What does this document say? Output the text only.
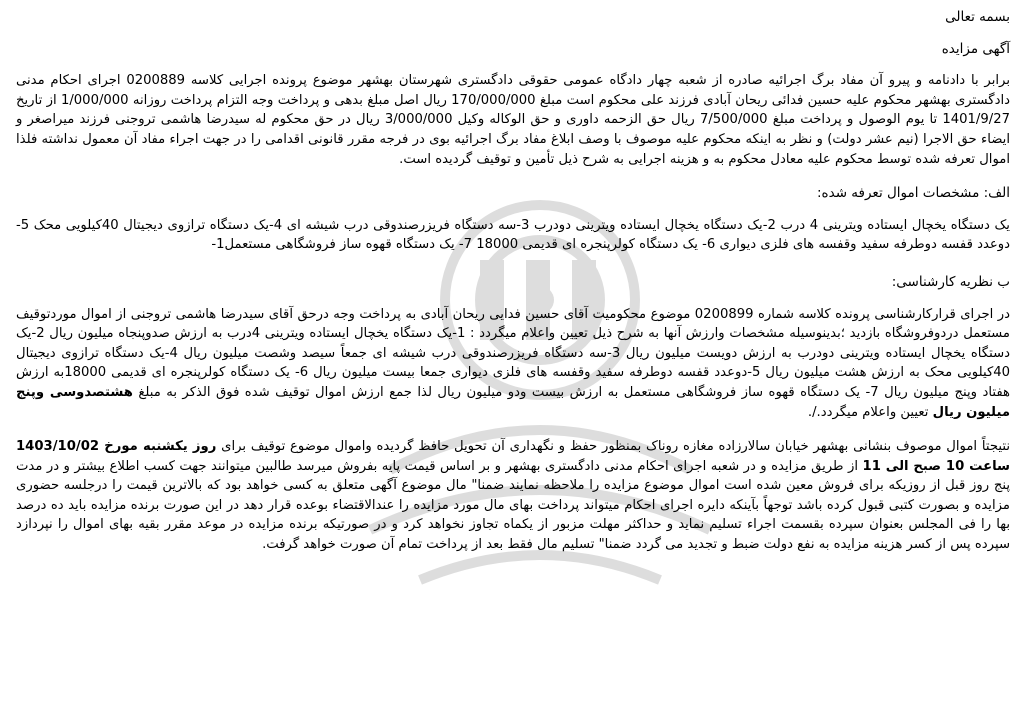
بسمه تعالی

آگهی مزایده

برابر با دادنامه و پیرو آن مفاد برگ اجرائیه صادره از شعبه چهار دادگاه عمومی حقوقی دادگستری شهرستان بهشهر موضوع پرونده اجرایی کلاسه 0200889 اجرای احکام مدنی دادگستری بهشهر محکوم علیه حسین فدائی ریحان آبادی فرزند علی محکوم است مبلغ 170/000/000 ریال اصل مبلغ بدهی و پرداخت وجه التزام پرداخت روزانه 1/000/000 از تاریخ 1401/9/27 تا یوم الوصول و پرداخت مبلغ 7/500/000 ریال حق الزحمه داوری و حق الوکاله وکیل 3/000/000 ریال در حق محکوم له سیدرضا هاشمی تروجنی فرزند میراصغر و ایضاء حق الاجرا (نیم عشر دولت) و نظر به اینکه محکوم علیه موصوف با وصف ابلاغ مفاد برگ اجرائیه بوی در فرجه مقرر قانونی اقدامی را در جهت اجراء مفاد آن معمول نداشته فلذا اموال تعرفه شده توسط محکوم علیه معادل محکوم به و هزینه اجرایی به شرح ذیل تأمین و توقیف گردیده است.

الف: مشخصات اموال تعرفه شده:

یک دستگاه یخچال ایستاده ویترینی 4 درب 2-یک دستگاه یخچال ایستاده ویترینی دودرب 3-سه دستگاه فریزرصندوقی درب شیشه ای 4-یک دستگاه ترازوی دیجیتال 40کیلویی محک 5-دوعدد قفسه دوطرفه سفید وقفسه های فلزی دیواری 6- یک دستگاه کولرپنجره ای قدیمی 18000 7- یک دستگاه قهوه ساز فروشگاهی مستعمل1-

ب نظریه کارشناسی:

در اجرای قرارکارشناسی پرونده کلاسه شماره 0200899 موضوع محکومیت آقای حسین فدایی ریحان آبادی به پرداخت وجه درحق آقای سیدرضا هاشمی تروجنی از اموال موردتوقیف مستعمل دردوفروشگاه بازدید ؛بدینوسیله مشخصات وارزش آنها به شرح ذیل تعیین واعلام میگردد : 1-یک دستگاه یخچال ایستاده ویترینی 4درب به ارزش صدوپنجاه میلیون ریال 2-یک دستگاه یخچال ایستاده ویترینی دودرب به ارزش دویست میلیون ریال 3-سه دستگاه فریزرصندوقی درب شیشه ای جمعاً سیصد وشصت میلیون ریال 4-یک دستگاه ترازوی دیجیتال 40کیلویی محک به ارزش هشت میلیون ریال 5-دوعدد قفسه دوطرفه سفید وقفسه های فلزی دیواری جمعا بیست میلیون ریال 6- یک دستگاه کولرپنجره ای قدیمی 18000به ارزش هفتاد وپنج میلیون ریال 7- یک دستگاه قهوه ساز فروشگاهی مستعمل به ارزش بیست ودو میلیون ریال لذا جمع ارزش اموال توقیف شده فوق الذکر به مبلغ هشتصدوسی وپنج میلیون ریال تعیین واعلام میگردد./.

نتیجتاً اموال موصوف بنشانی بهشهر خیابان سالارزاده مغازه روناک بمنظور حفظ و نگهداری آن تحویل حافظ گردیده واموال موضوع توقیف برای روز یکشنبه مورخ 1403/10/02 ساعت 10 صبح الی 11 از طریق مزایده و در شعبه اجرای احکام مدنی دادگستری بهشهر و بر اساس قیمت پایه بفروش میرسد طالبین میتوانند جهت کسب اطلاع بیشتر و در مدت پنج روز قبل از روزیکه برای فروش معین شده است اموال موضوع مزایده را ملاحظه نمایند ضمنا" مال موضوع آگهی متعلق به کسی خواهد بود که بالاترین قیمت را درجلسه حضوری مزایده و بصورت کتبی قبول کرده باشد توجهاً بآینکه دایره اجرای احکام میتواند پرداخت بهای مال مورد مزایده را عندالاقتضاء بوعده قرار دهد در این صورت برنده مزایده باید ده درصد بها را فی المجلس بعنوان سپرده بقسمت اجراء تسلیم نماید و حداکثر مهلت مزبور از یکماه تجاوز نخواهد کرد و در صورتیکه برنده مزایده در موعد مقرر بقیه بهای اموال را نپردازد سپرده پس از کسر هزینه مزایده به نفع دولت ضبط و تجدید می گردد ضمنا" تسلیم مال فقط بعد از پرداخت تمام آن صورت خواهد گرفت.
